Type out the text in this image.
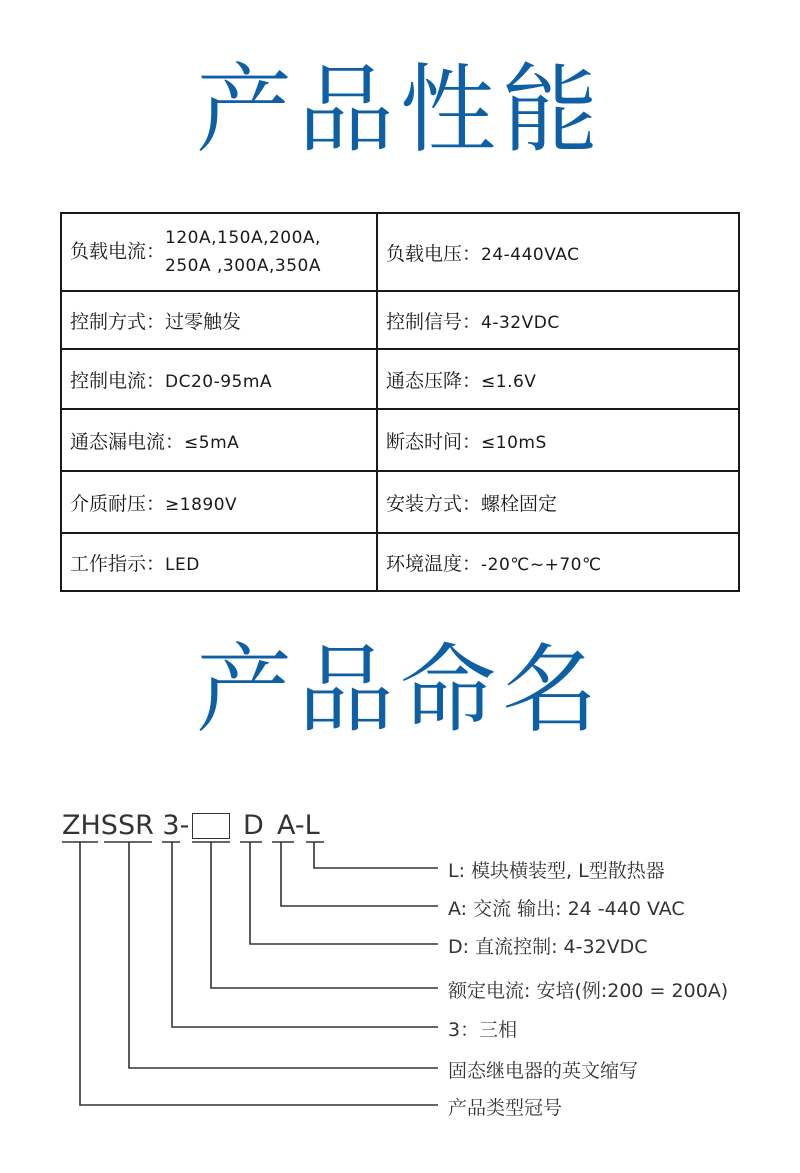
产品性能
负载电流：
120A,150A,200A,
250A ,300A,350A	负载电压：24-440VAC
控制方式：过零触发	控制信号：4-32VDC
控制电流：DC20-95mA	通态压降：≤1.6V
通态漏电流：≤5mA	断态时间：≤10mS
介质耐压：≥1890V	安装方式：螺栓固定
工作指示：LED	环境温度：-20℃~+70℃
产品命名
ZHSSR 3- D A-L
L: 模块横装型, L型散热器
A: 交流 输出: 24 -440 VAC
D: 直流控制: 4-32VDC
额定电流: 安培(例:200 = 200A)
3：三相
固态继电器的英文缩写
产品类型冠号
